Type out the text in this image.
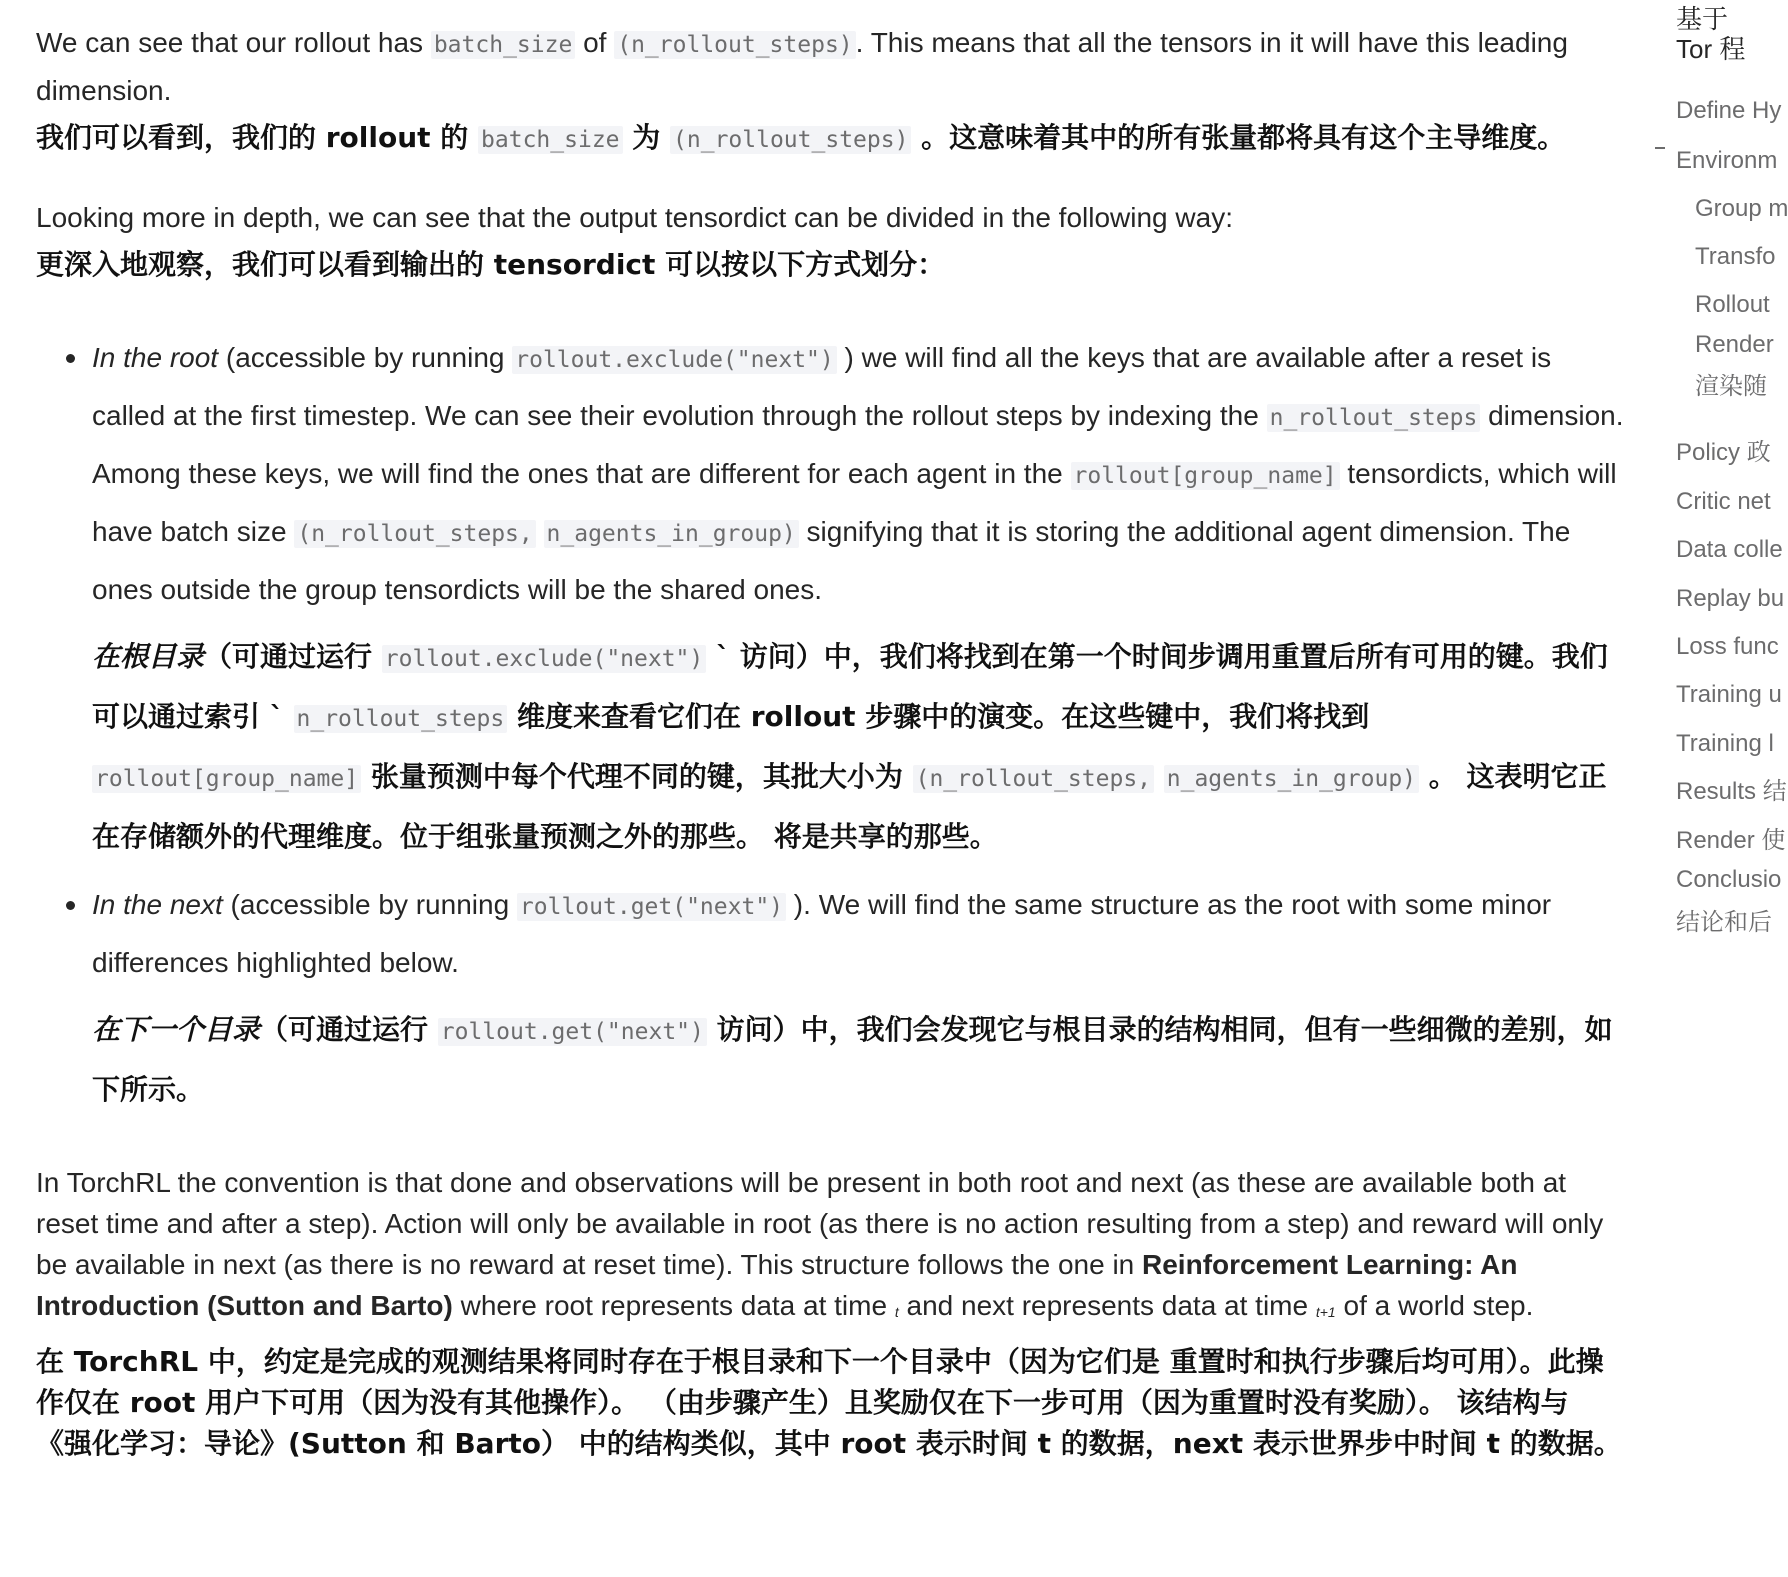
We can see that our rollout has batch_size of (n_rollout_steps) . This means that all the tensors in it will have this leading dimension.

我们可以看到，我们的 rollout 的 batch_size 为 (n_rollout_steps) 。这意味着其中的所有张量都将具有这个主导维度。

Looking more in depth, we can see that the output tensordict can be divided in the following way:

更深入地观察，我们可以看到输出的 tensordict 可以按以下方式划分：

In the root (accessible by running rollout.exclude("next") ) we will find all the keys that are available after a reset is called at the first timestep. We can see their evolution through the rollout steps by indexing the n_rollout_steps dimension. Among these keys, we will find the ones that are different for each agent in the rollout[group_name] tensordicts, which will have batch size (n_rollout_steps, n_agents_in_group) signifying that it is storing the additional agent dimension. The ones outside the group tensordicts will be the shared ones.
在根目录（可通过运行 rollout.exclude("next") ` 访问）中，我们将找到在第一个时间步调用重置后所有可用的键。我们可以通过索引 ` n_rollout_steps 维度来查看它们在 rollout 步骤中的演变。在这些键中，我们将找到 rollout[group_name] 张量预测中每个代理不同的键，其批大小为 (n_rollout_steps, n_agents_in_group) 。 这表明它正在存储额外的代理维度。位于组张量预测之外的那些。 将是共享的那些。
In the next (accessible by running rollout.get("next") ). We will find the same structure as the root with some minor differences highlighted below.
在下一个目录（可通过运行 rollout.get("next") 访问）中，我们会发现它与根目录的结构相同，但有一些细微的差别，如下所示。

In TorchRL the convention is that done and observations will be present in both root and next (as these are available both at reset time and after a step). Action will only be available in root (as there is no action resulting from a step) and reward will only be available in next (as there is no reward at reset time). This structure follows the one in Reinforcement Learning: An Introduction (Sutton and Barto) where root represents data at time t and next represents data at time t+1 of a world step.

在 TorchRL 中，约定是完成的观测结果将同时存在于根目录和下一个目录中（因为它们是 重置时和执行步骤后均可用）。此操作仅在 root 用户下可用（因为没有其他操作）。 （由步骤产生）且奖励仅在下一步可用（因为重置时没有奖励）。 该结构与 《强化学习：导论》(Sutton 和 Barto） 中的结构类似，其中 root 表示时间 t 的数据，next 表示世界步中时间 t 的数据。

基于 Tor 程
Define Hy
Environm
Group m
Transfo
Rollout
Render
渲染随
Policy 政
Critic net
Data colle
Replay bu
Loss func
Training u
Training l
Results 结
Render 使
Conclusio
结论和后
